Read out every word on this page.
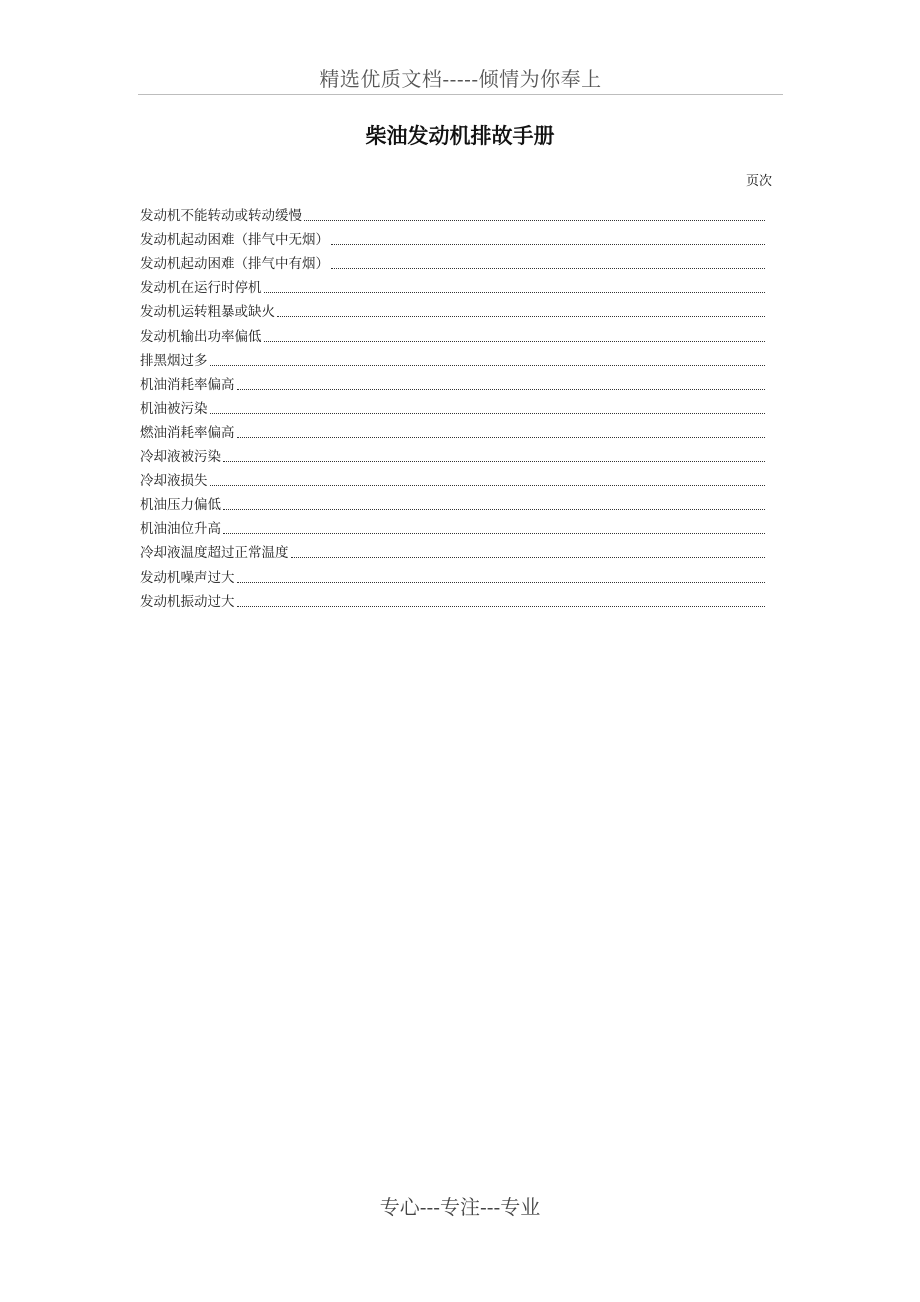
精选优质文档-----倾情为你奉上
柴油发动机排故手册
页次
发动机不能转动或转动缓慢
发动机起动困难（排气中无烟）
发动机起动困难（排气中有烟）
发动机在运行时停机
发动机运转粗暴或缺火
发动机输出功率偏低
排黑烟过多
机油消耗率偏高
机油被污染
燃油消耗率偏高
冷却液被污染
冷却液损失
机油压力偏低
机油油位升高
冷却液温度超过正常温度
发动机噪声过大
发动机振动过大
专心---专注---专业
